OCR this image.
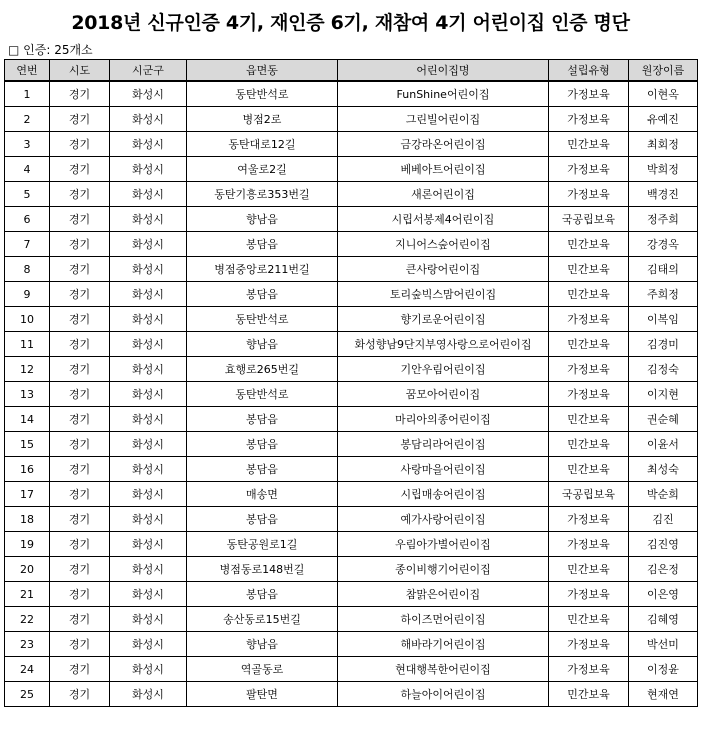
2018년 신규인증 4기, 재인증 6기, 재참여 4기 어린이집 인증 명단
□ 인증: 25개소
연번	시도	시군구	읍면동	어린이집명	설립유형	원장이름
1	경기	화성시	동탄반석로	FunShine어린이집	가정보육	이현옥
2	경기	화성시	병점2로	그린빌어린이집	가정보육	유예진
3	경기	화성시	동탄대로12길	금강라온어린이집	민간보육	최회정
4	경기	화성시	여울로2길	베베아트어린이집	가정보육	박희정
5	경기	화성시	동탄기흥로353번길	새론어린이집	가정보육	백경진
6	경기	화성시	향남읍	시립서봉제4어린이집	국공립보육	정주희
7	경기	화성시	봉담읍	지니어스숲어린이집	민간보육	강경옥
8	경기	화성시	병점중앙로211번길	큰사랑어린이집	민간보육	김태의
9	경기	화성시	봉담읍	토리숲빅스맘어린이집	민간보육	주희정
10	경기	화성시	동탄반석로	향기로운어린이집	가정보육	이복임
11	경기	화성시	향남읍	화성향남9단지부영사랑으로어린이집	민간보육	김경미
12	경기	화성시	효행로265번길	기안우림어린이집	가정보육	김정숙
13	경기	화성시	동탄반석로	꿈모아어린이집	가정보육	이지현
14	경기	화성시	봉담읍	마리아의종어린이집	민간보육	권순혜
15	경기	화성시	봉담읍	봉담리라어린이집	민간보육	이윤서
16	경기	화성시	봉담읍	사랑마을어린이집	민간보육	최성숙
17	경기	화성시	매송면	시립매송어린이집	국공립보육	박순희
18	경기	화성시	봉담읍	예가사랑어린이집	가정보육	김진
19	경기	화성시	동탄공원로1길	우림아가별어린이집	가정보육	김진영
20	경기	화성시	병점동로148번길	종이비행기어린이집	민간보육	김은정
21	경기	화성시	봉담읍	참맑은어린이집	가정보육	이은영
22	경기	화성시	송산동로15번길	하이즈먼어린이집	민간보육	김혜영
23	경기	화성시	향남읍	해바라기어린이집	가정보육	박선미
24	경기	화성시	역골동로	현대행복한어린이집	가정보육	이정윤
25	경기	화성시	팔탄면	하늘아이어린이집	민간보육	현재연
